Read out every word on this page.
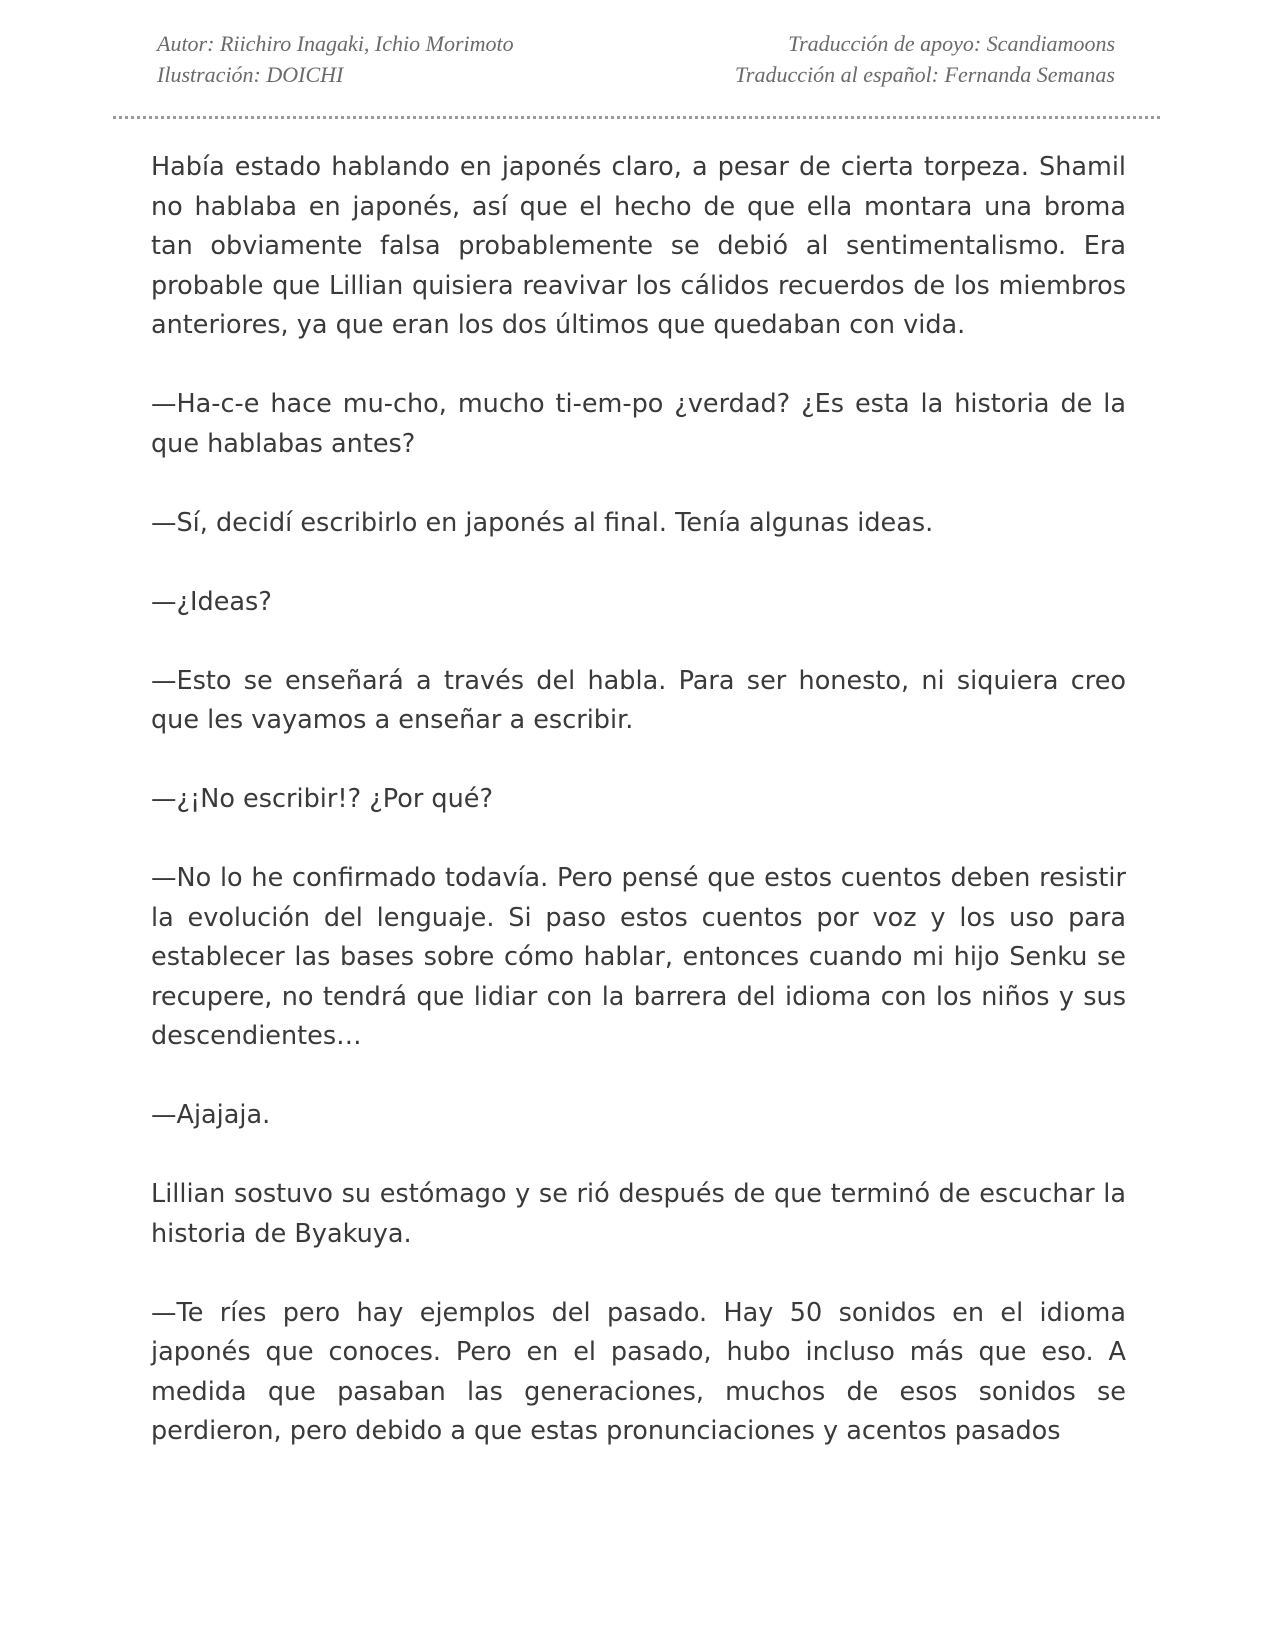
Autor: Riichiro Inagaki, Ichio Morimoto
Ilustración: DOICHI
Traducción de apoyo: Scandiamoons
Traducción al español: Fernanda Semanas

Había estado hablando en japonés claro, a pesar de cierta torpeza. Shamil no hablaba en japonés, así que el hecho de que ella montara una broma tan obviamente falsa probablemente se debió al sentimentalismo. Era probable que Lillian quisiera reavivar los cálidos recuerdos de los miembros anteriores, ya que eran los dos últimos que quedaban con vida.

—Ha-c-e hace mu-cho, mucho ti-em-po ¿verdad? ¿Es esta la historia de la que hablabas antes?

—Sí, decidí escribirlo en japonés al final. Tenía algunas ideas.

—¿Ideas?

—Esto se enseñará a través del habla. Para ser honesto, ni siquiera creo que les vayamos a enseñar a escribir.

—¿¡No escribir!? ¿Por qué?

—No lo he confirmado todavía. Pero pensé que estos cuentos deben resistir la evolución del lenguaje. Si paso estos cuentos por voz y los uso para establecer las bases sobre cómo hablar, entonces cuando mi hijo Senku se recupere, no tendrá que lidiar con la barrera del idioma con los niños y sus descendientes…

—Ajajaja.

Lillian sostuvo su estómago y se rió después de que terminó de escuchar la historia de Byakuya.

—Te ríes pero hay ejemplos del pasado. Hay 50 sonidos en el idioma japonés que conoces. Pero en el pasado, hubo incluso más que eso. A medida que pasaban las generaciones, muchos de esos sonidos se perdieron, pero debido a que estas pronunciaciones y acentos pasados
